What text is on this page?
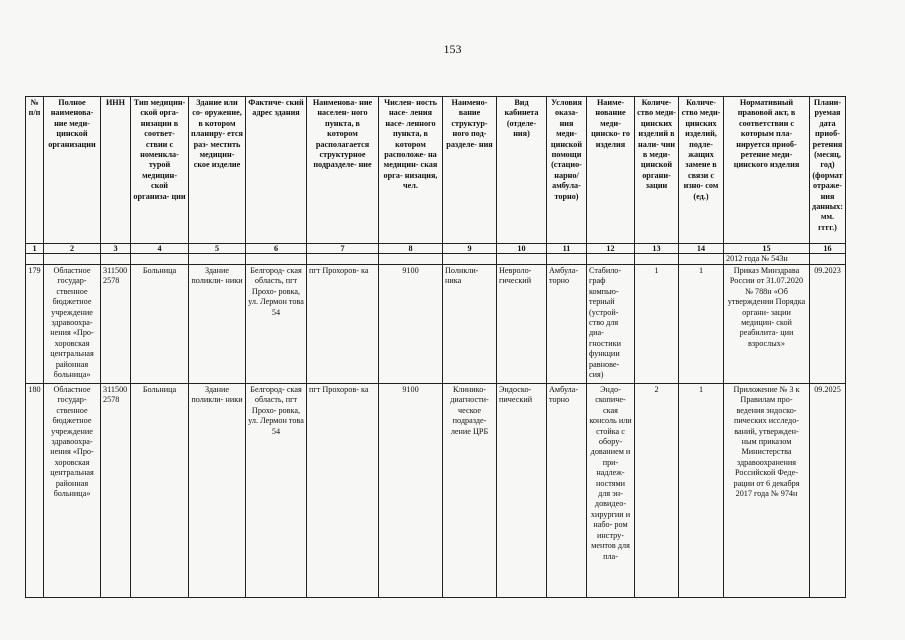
153
№ п/п	Полное наименова- ние меди- цинской организации	ИНН	Тип медицин- ской орга- низации в соответ- ствии с номенкла- турой медицин- ской организа- ции	Здание или со- оружение, в котором планиру- ется раз- местить медицин- ское изделие	Фактиче- ский адрес здания	Наименова- ние населен- ного пункта, в котором располагается структурное подразделе- ние	Числен- ность насе- ления насе- ленного пункта, в котором расположе- на медицин- ская орга- низация, чел.	Наимено- вание структур- ного под- разделе- ния	Вид кабинета (отделе- ния)	Условия оказа- ния меди- цинской помощи (стацио- нарно/ амбула- торно)	Наиме- нование меди- цинско- го изделия	Количе- ство меди- цинских изделий в нали- чии в меди- цинской органи- зации	Количе- ство меди- цинских изделий, подле- жащих замене в связи с изно- сом (ед.)	Нормативный правовой акт, в соответствии с которым пла- нируется приоб- ретение меди- цинского изделия	Плани- руемая дата приоб- ретения (месяц, год) (формат отраже- ния данных: мм. гггг.)
1	2	3	4	5	6	7	8	9	10	11	12	13	14	15	16
														2012 года № 543н	
179	Областное государ- ственное бюджетное учреждение здравоохра- нения «Про- хоровская центральная районная больница»	311500 2578	Больница	Здание поликли- ники	Белгород- ская область, пгт Прохо- ровка, ул. Лермон това 54	пгт Прохоров- ка	9100	Поликли- ника	Невроло- гический	Амбула- торно	Стабило- граф компью- терный (устрой- ство для диа- гностики функции равнове- сия)	1	1	Приказ Минздрава России от 31.07.2020 № 788н «Об утверждении Порядка органи- зации медицин- ской реабилита- ции взрослых»	09.2023
180	Областное государ- ственное бюджетное учреждение здравоохра- нения «Про- хоровская центральная районная больница»	311500 2578	Больница	Здание поликли- ники	Белгород- ская область, пгт Прохо- ровка, ул. Лермон това 54	пгт Прохоров- ка	9100	Клинико- диагности- ческое подразде- ление ЦРБ	Эндоско- пический	Амбула- торно	Эндо- скопиче- ская консоль или стойка с обору- дованием и при- надлеж- ностями для эн- довидео- хирургии и набо- ром инстру- ментов для пла-	2	1	Приложение № 3 к Правилам про- ведения эндоско- пических исследо- ваний, утвержден- ным приказом Министерства здравоохранения Российской Феде- рации от 6 декабря 2017 года № 974н	09.2025
